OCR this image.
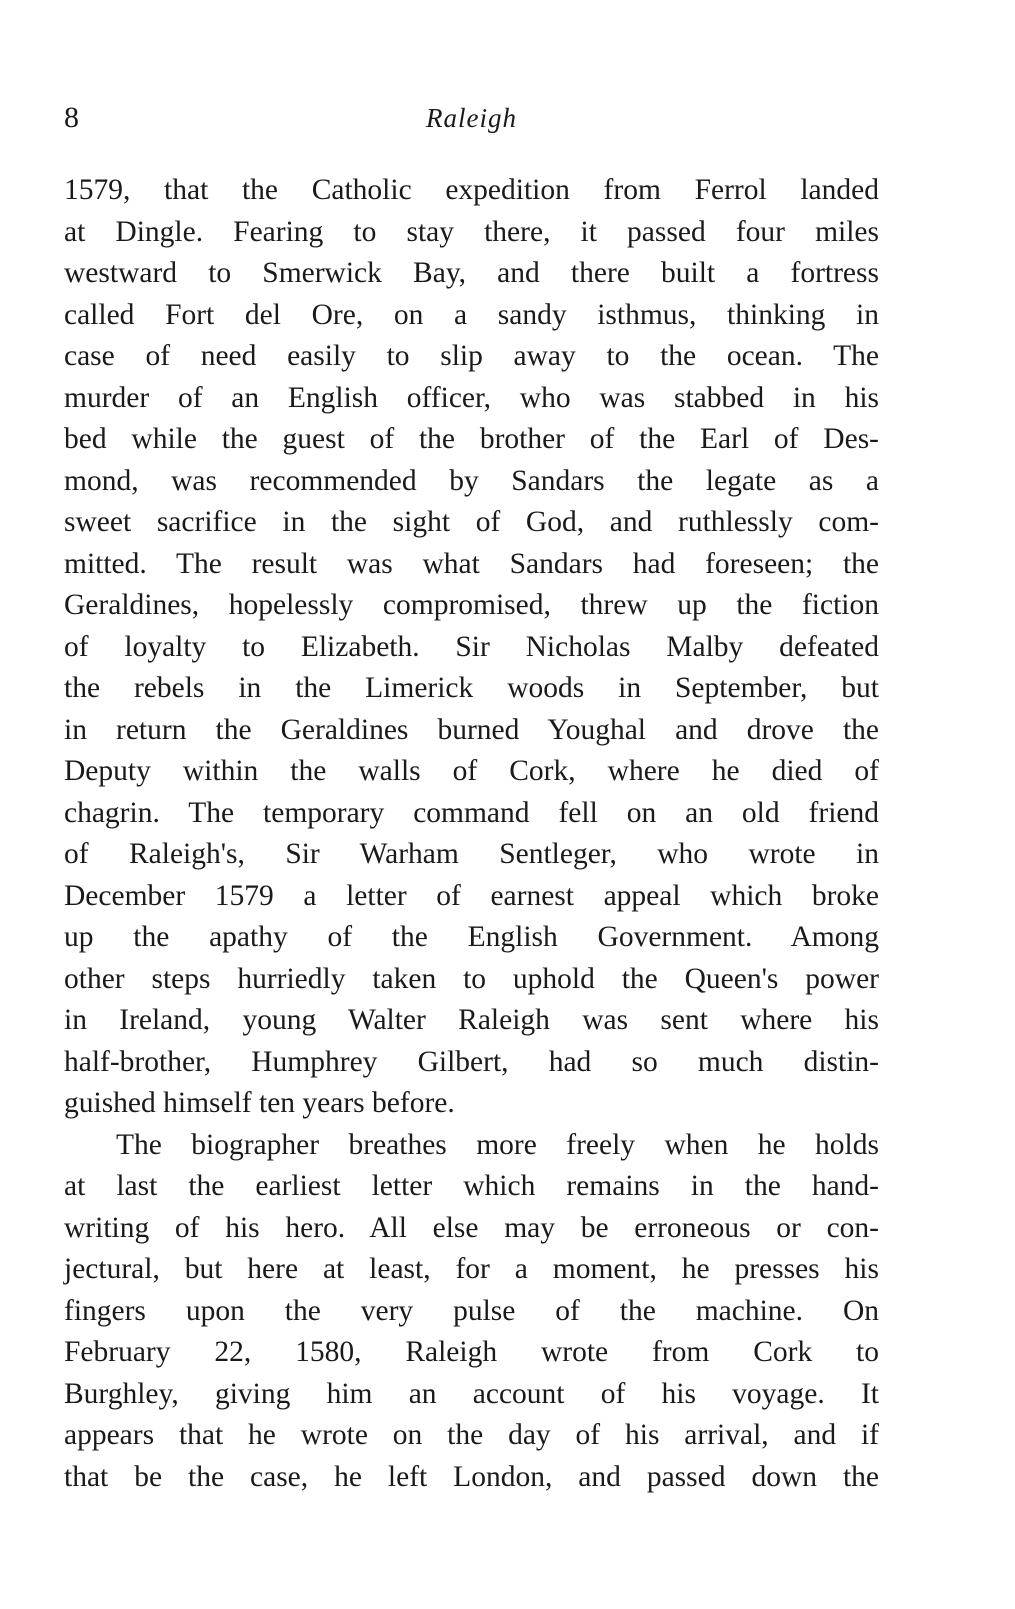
8	Raleigh
1579, that the Catholic expedition from Ferrol landed
at Dingle. Fearing to stay there, it passed four miles
westward to Smerwick Bay, and there built a fortress
called Fort del Ore, on a sandy isthmus, thinking in
case of need easily to slip away to the ocean. The
murder of an English officer, who was stabbed in his
bed while the guest of the brother of the Earl of Des-
mond, was recommended by Sandars the legate as a
sweet sacrifice in the sight of God, and ruthlessly com-
mitted. The result was what Sandars had foreseen; the
Geraldines, hopelessly compromised, threw up the fiction
of loyalty to Elizabeth. Sir Nicholas Malby defeated
the rebels in the Limerick woods in September, but
in return the Geraldines burned Youghal and drove the
Deputy within the walls of Cork, where he died of
chagrin. The temporary command fell on an old friend
of Raleigh's, Sir Warham Sentleger, who wrote in
December 1579 a letter of earnest appeal which broke
up the apathy of the English Government. Among
other steps hurriedly taken to uphold the Queen's power
in Ireland, young Walter Raleigh was sent where his
half-brother, Humphrey Gilbert, had so much distin-
guished himself ten years before.
The biographer breathes more freely when he holds
at last the earliest letter which remains in the hand-
writing of his hero. All else may be erroneous or con-
jectural, but here at least, for a moment, he presses his
fingers upon the very pulse of the machine. On
February 22, 1580, Raleigh wrote from Cork to
Burghley, giving him an account of his voyage. It
appears that he wrote on the day of his arrival, and if
that be the case, he left London, and passed down the
